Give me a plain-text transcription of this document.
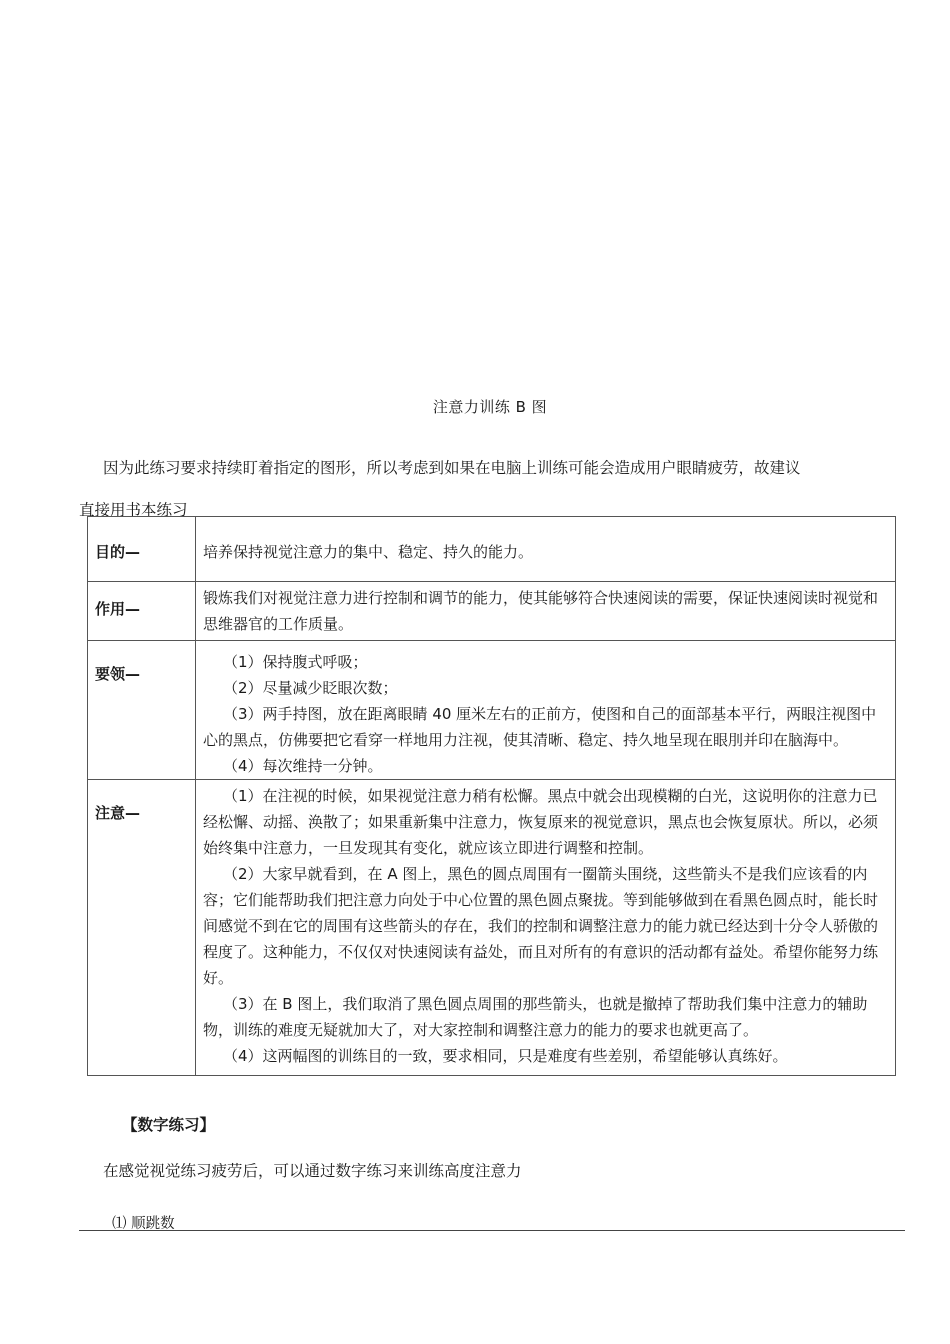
注意力训练 B 图
因为此练习要求持续盯着指定的图形，所以考虑到如果在电脑上训练可能会造成用户眼睛疲劳，故建议
直接用书本练习
目的—	培养保持视觉注意力的集中、稳定、持久的能力。

作用—	锻炼我们对视觉注意力进行控制和调节的能力，使其能够符合快速阅读的需要，保证快速阅读时视觉和思维器官的工作质量。

要领—	（1）保持腹式呼吸；
（2）尽量减少眨眼次数；
（3）两手持图，放在距离眼睛 40 厘米左右的正前方，使图和自己的面部基本平行，两眼注视图中心的黑点，仿佛要把它看穿一样地用力注视，使其清晰、稳定、持久地呈现在眼刖并印在脑海中。
（4）每次维持一分钟。

注意—	（1）在注视的时候，如果视觉注意力稍有松懈。黑点中就会出现模糊的白光，这说明你的注意力已经松懈、动摇、涣散了；如果重新集中注意力，恢复原来的视觉意识，黑点也会恢复原状。所以，必须始终集中注意力，一旦发现其有变化，就应该立即进行调整和控制。
（2）大家早就看到，在 A 图上，黑色的圆点周围有一圈箭头围绕，这些箭头不是我们应该看的内容；它们能帮助我们把注意力向处于中心位置的黑色圆点聚拢。等到能够做到在看黑色圆点时，能长时间感觉不到在它的周围有这些箭头的存在，我们的控制和调整注意力的能力就已经达到十分令人骄傲的程度了。这种能力，不仅仅对快速阅读有益处，而且对所有的有意识的活动都有益处。希望你能努力练好。
（3）在 B 图上，我们取消了黑色圆点周围的那些箭头，也就是撤掉了帮助我们集中注意力的辅助物，训练的难度无疑就加大了，对大家控制和调整注意力的能力的要求也就更高了。
（4）这两幅图的训练目的一致，要求相同，只是难度有些差别，希望能够认真练好。
【数字练习】
在感觉视觉练习疲劳后，可以通过数字练习来训练高度注意力
⑴ 顺跳数
